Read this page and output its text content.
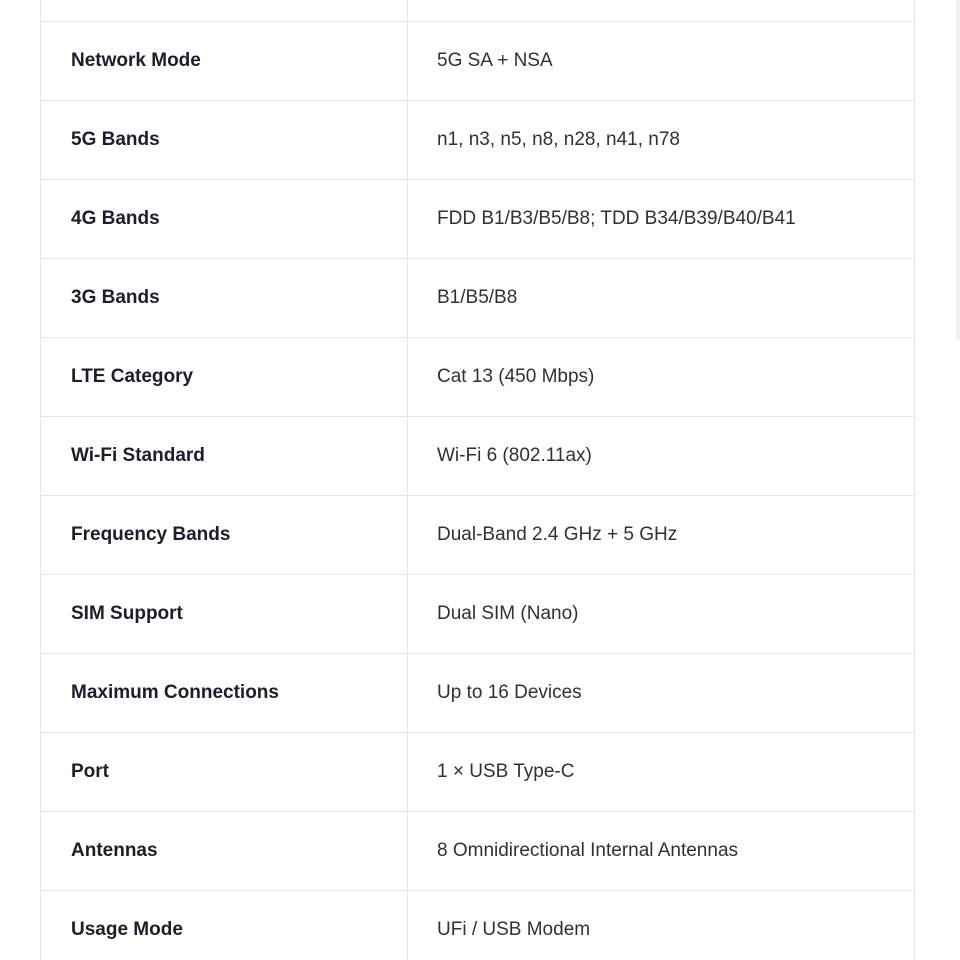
Network Mode	5G SA + NSA
5G Bands	n1, n3, n5, n8, n28, n41, n78
4G Bands	FDD B1/B3/B5/B8; TDD B34/B39/B40/B41
3G Bands	B1/B5/B8
LTE Category	Cat 13 (450 Mbps)
Wi-Fi Standard	Wi-Fi 6 (802.11ax)
Frequency Bands	Dual-Band 2.4 GHz + 5 GHz
SIM Support	Dual SIM (Nano)
Maximum Connections	Up to 16 Devices
Port	1 × USB Type-C
Antennas	8 Omnidirectional Internal Antennas
Usage Mode	UFi / USB Modem
